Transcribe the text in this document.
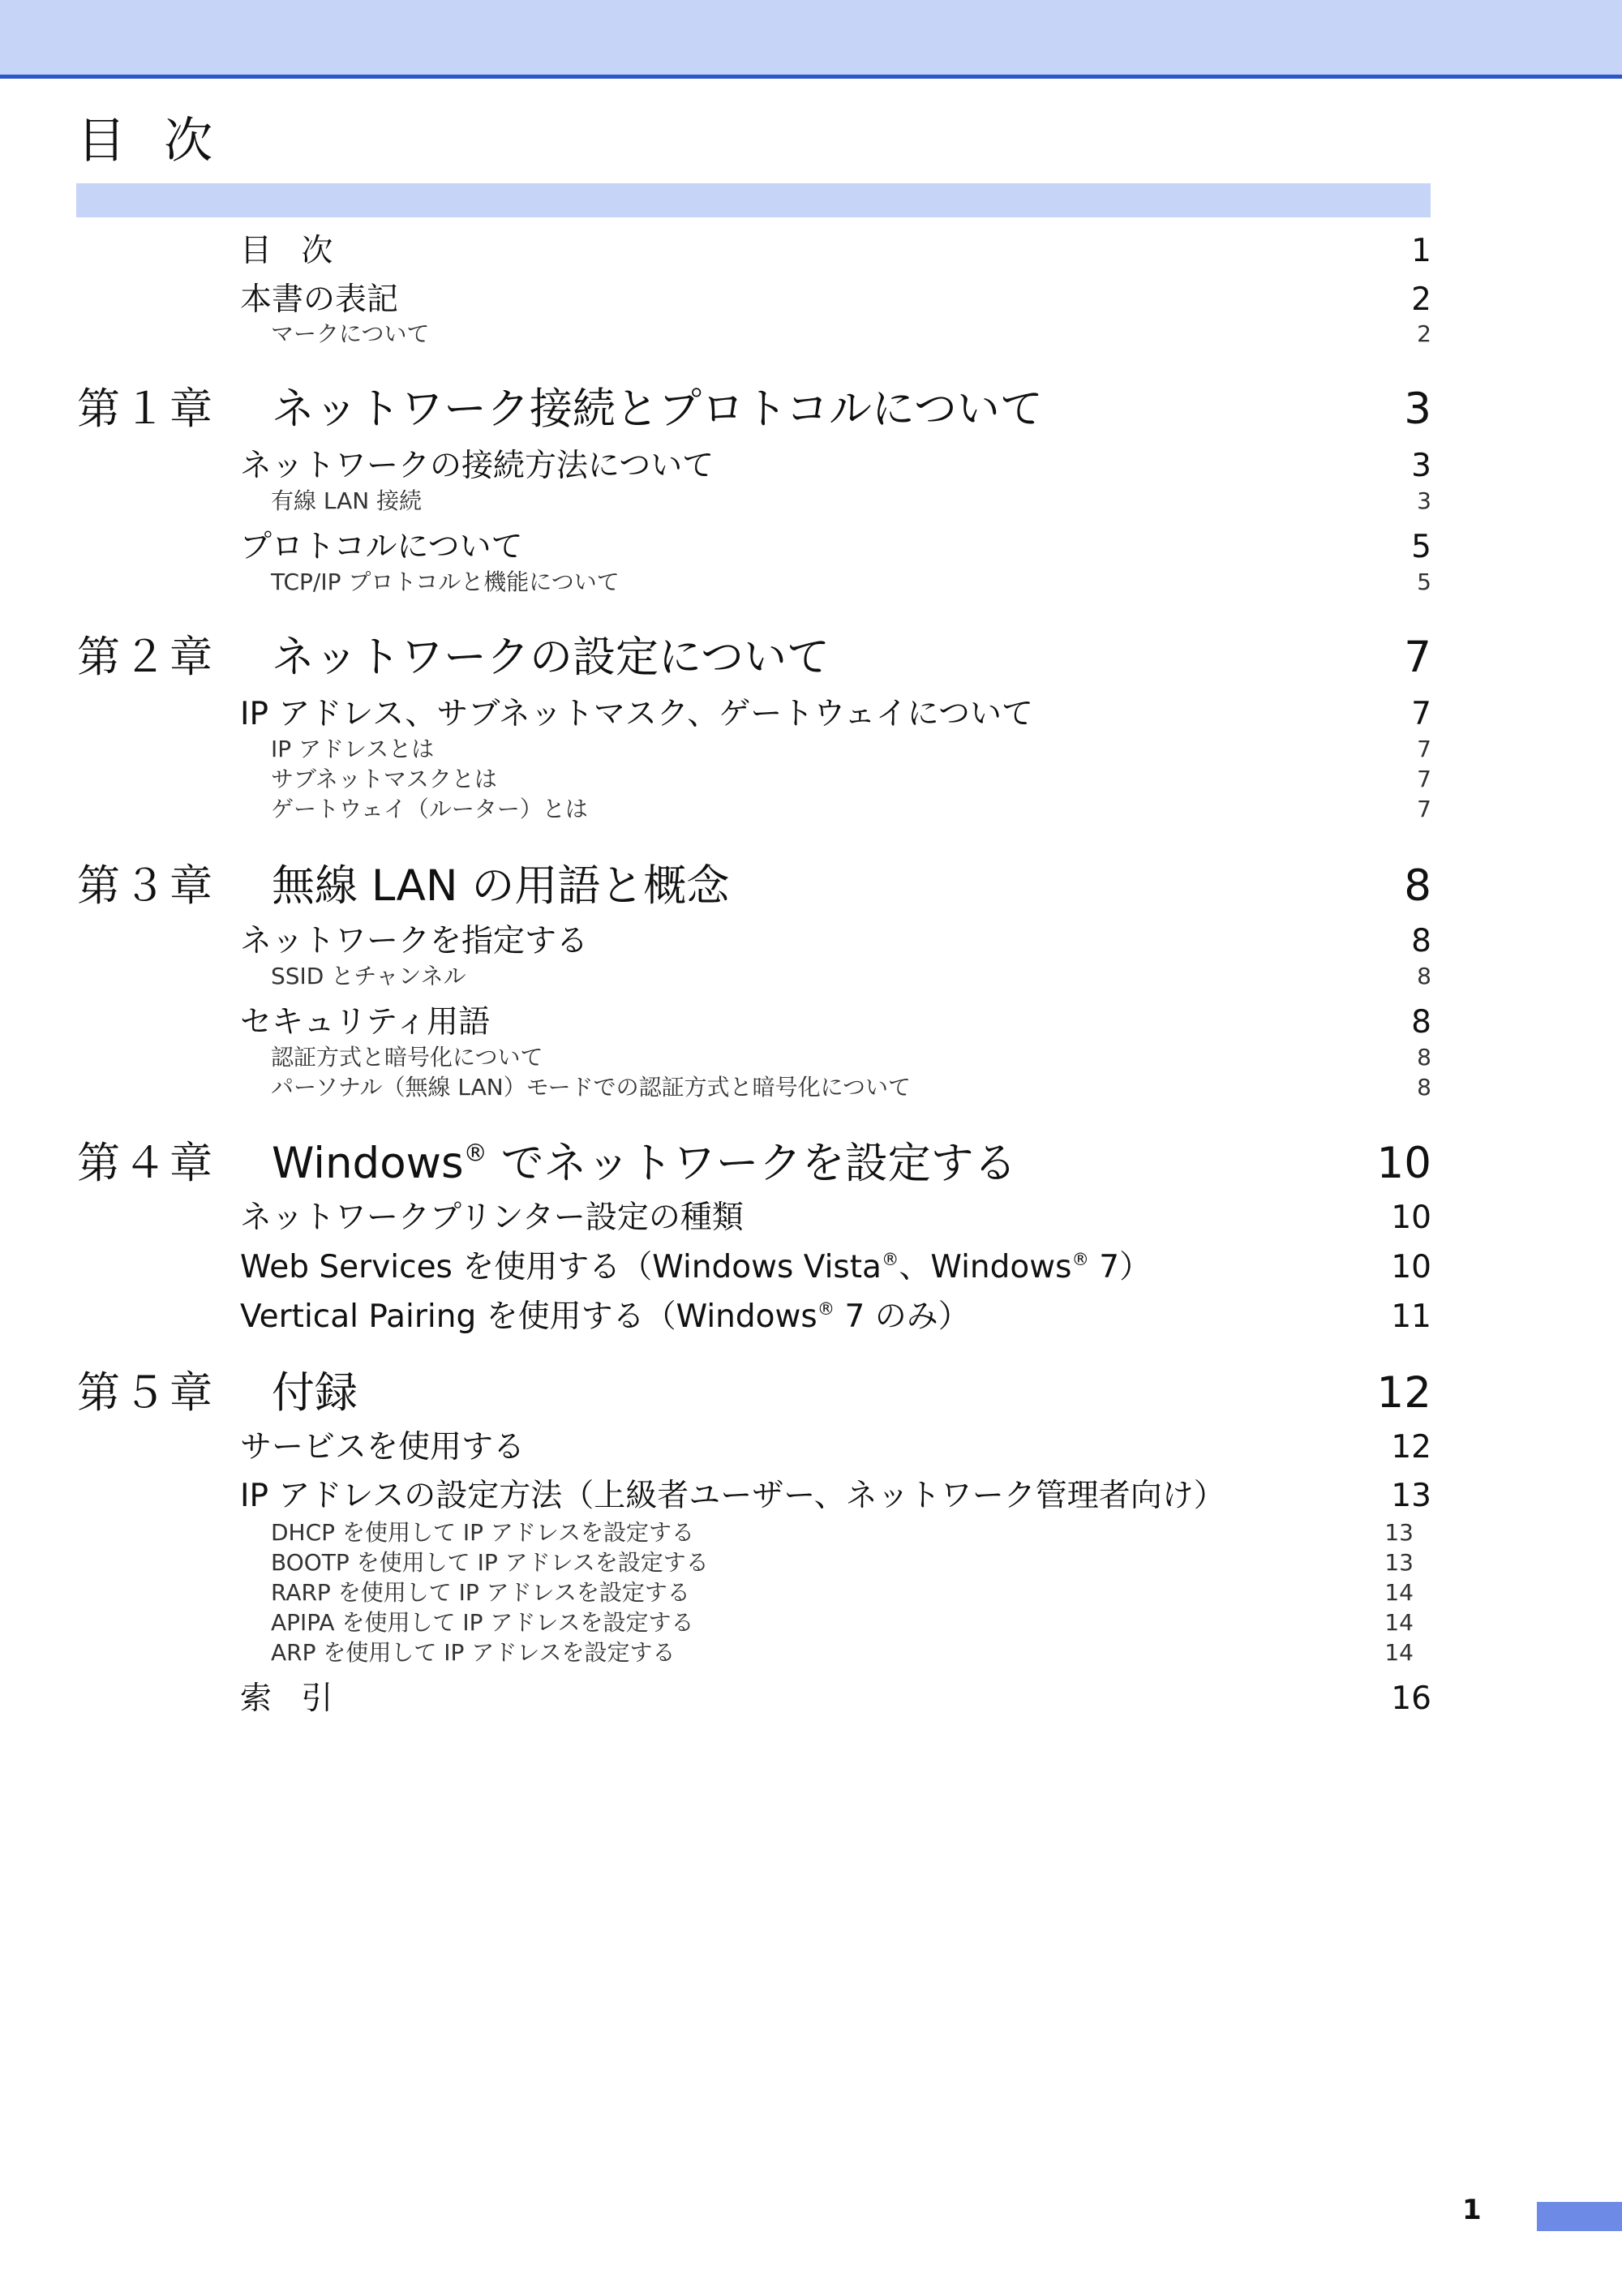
目 次
目 次	1
本書の表記	2
マークについて	2
第１章 ネットワーク接続とプロトコルについて	3
ネットワークの接続方法について	3
有線 LAN 接続	3
プロトコルについて	5
TCP/IP プロトコルと機能について	5
第２章 ネットワークの設定について	7
IP アドレス、サブネットマスク、ゲートウェイについて	7
IP アドレスとは	7
サブネットマスクとは	7
ゲートウェイ（ルーター）とは	7
第３章 無線 LAN の用語と概念	8
ネットワークを指定する	8
SSID とチャンネル	8
セキュリティ用語	8
認証方式と暗号化について	8
パーソナル（無線 LAN）モードでの認証方式と暗号化について	8
第４章 Windows® でネットワークを設定する	10
ネットワークプリンター設定の種類	10
Web Services を使用する（Windows Vista®、Windows® 7）	10
Vertical Pairing を使用する（Windows® 7 のみ）	11
第５章 付録	12
サービスを使用する	12
IP アドレスの設定方法（上級者ユーザー、ネットワーク管理者向け）	13
DHCP を使用して IP アドレスを設定する	13
BOOTP を使用して IP アドレスを設定する	13
RARP を使用して IP アドレスを設定する	14
APIPA を使用して IP アドレスを設定する	14
ARP を使用して IP アドレスを設定する	14
索 引	16
1
